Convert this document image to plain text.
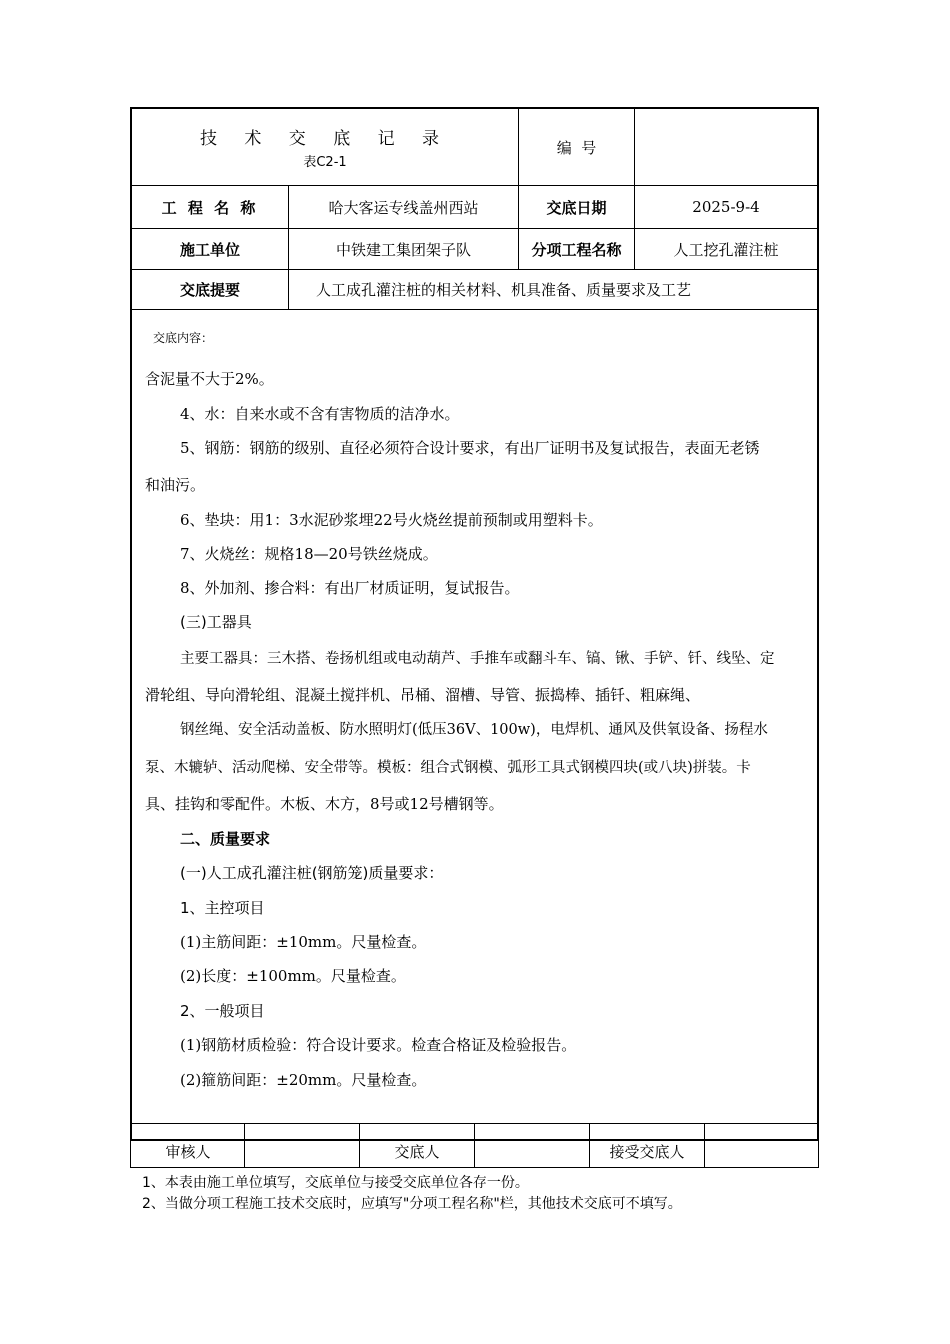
技 术 交 底 记 录
表C2-1
编  号
工 程 名 称	哈大客运专线盖州西站	交底日期	2025-9-4
施工单位	中铁建工集团架子队	分项工程名称	人工挖孔灌注桩
交底提要	人工成孔灌注桩的相关材料、机具准备、质量要求及工艺
交底内容：
含泥量不大于2%。
4、水：自来水或不含有害物质的洁净水。
5、钢筋：钢筋的级别、直径必须符合设计要求，有出厂证明书及复试报告，表面无老锈
和油污。
6、垫块：用1：3水泥砂浆埋22号火烧丝提前预制或用塑料卡。
7、火烧丝：规格18—20号铁丝烧成。
8、外加剂、掺合料：有出厂材质证明，复试报告。
(三)工器具
主要工器具：三木搭、卷扬机组或电动葫芦、手推车或翻斗车、镐、锹、手铲、钎、线坠、定
滑轮组、导向滑轮组、混凝土搅拌机、吊桶、溜槽、导管、振捣棒、插钎、粗麻绳、
钢丝绳、安全活动盖板、防水照明灯(低压36V、100w)，电焊机、通风及供氧设备、扬程水
泵、木辘轳、活动爬梯、安全带等。模板：组合式钢模、弧形工具式钢模四块(或八块)拼装。卡
具、挂钩和零配件。木板、木方，8号或12号槽钢等。
二、质量要求
(一)人工成孔灌注桩(钢筋笼)质量要求：
1、主控项目
(1)主筋间距：±10mm。尺量检查。
(2)长度：±100mm。尺量检查。
2、一般项目
(1)钢筋材质检验：符合设计要求。检查合格证及检验报告。
(2)箍筋间距：±20mm。尺量检查。
审核人	交底人	接受交底人
1、本表由施工单位填写，交底单位与接受交底单位各存一份。
2、当做分项工程施工技术交底时，应填写"分项工程名称"栏，其他技术交底可不填写。
